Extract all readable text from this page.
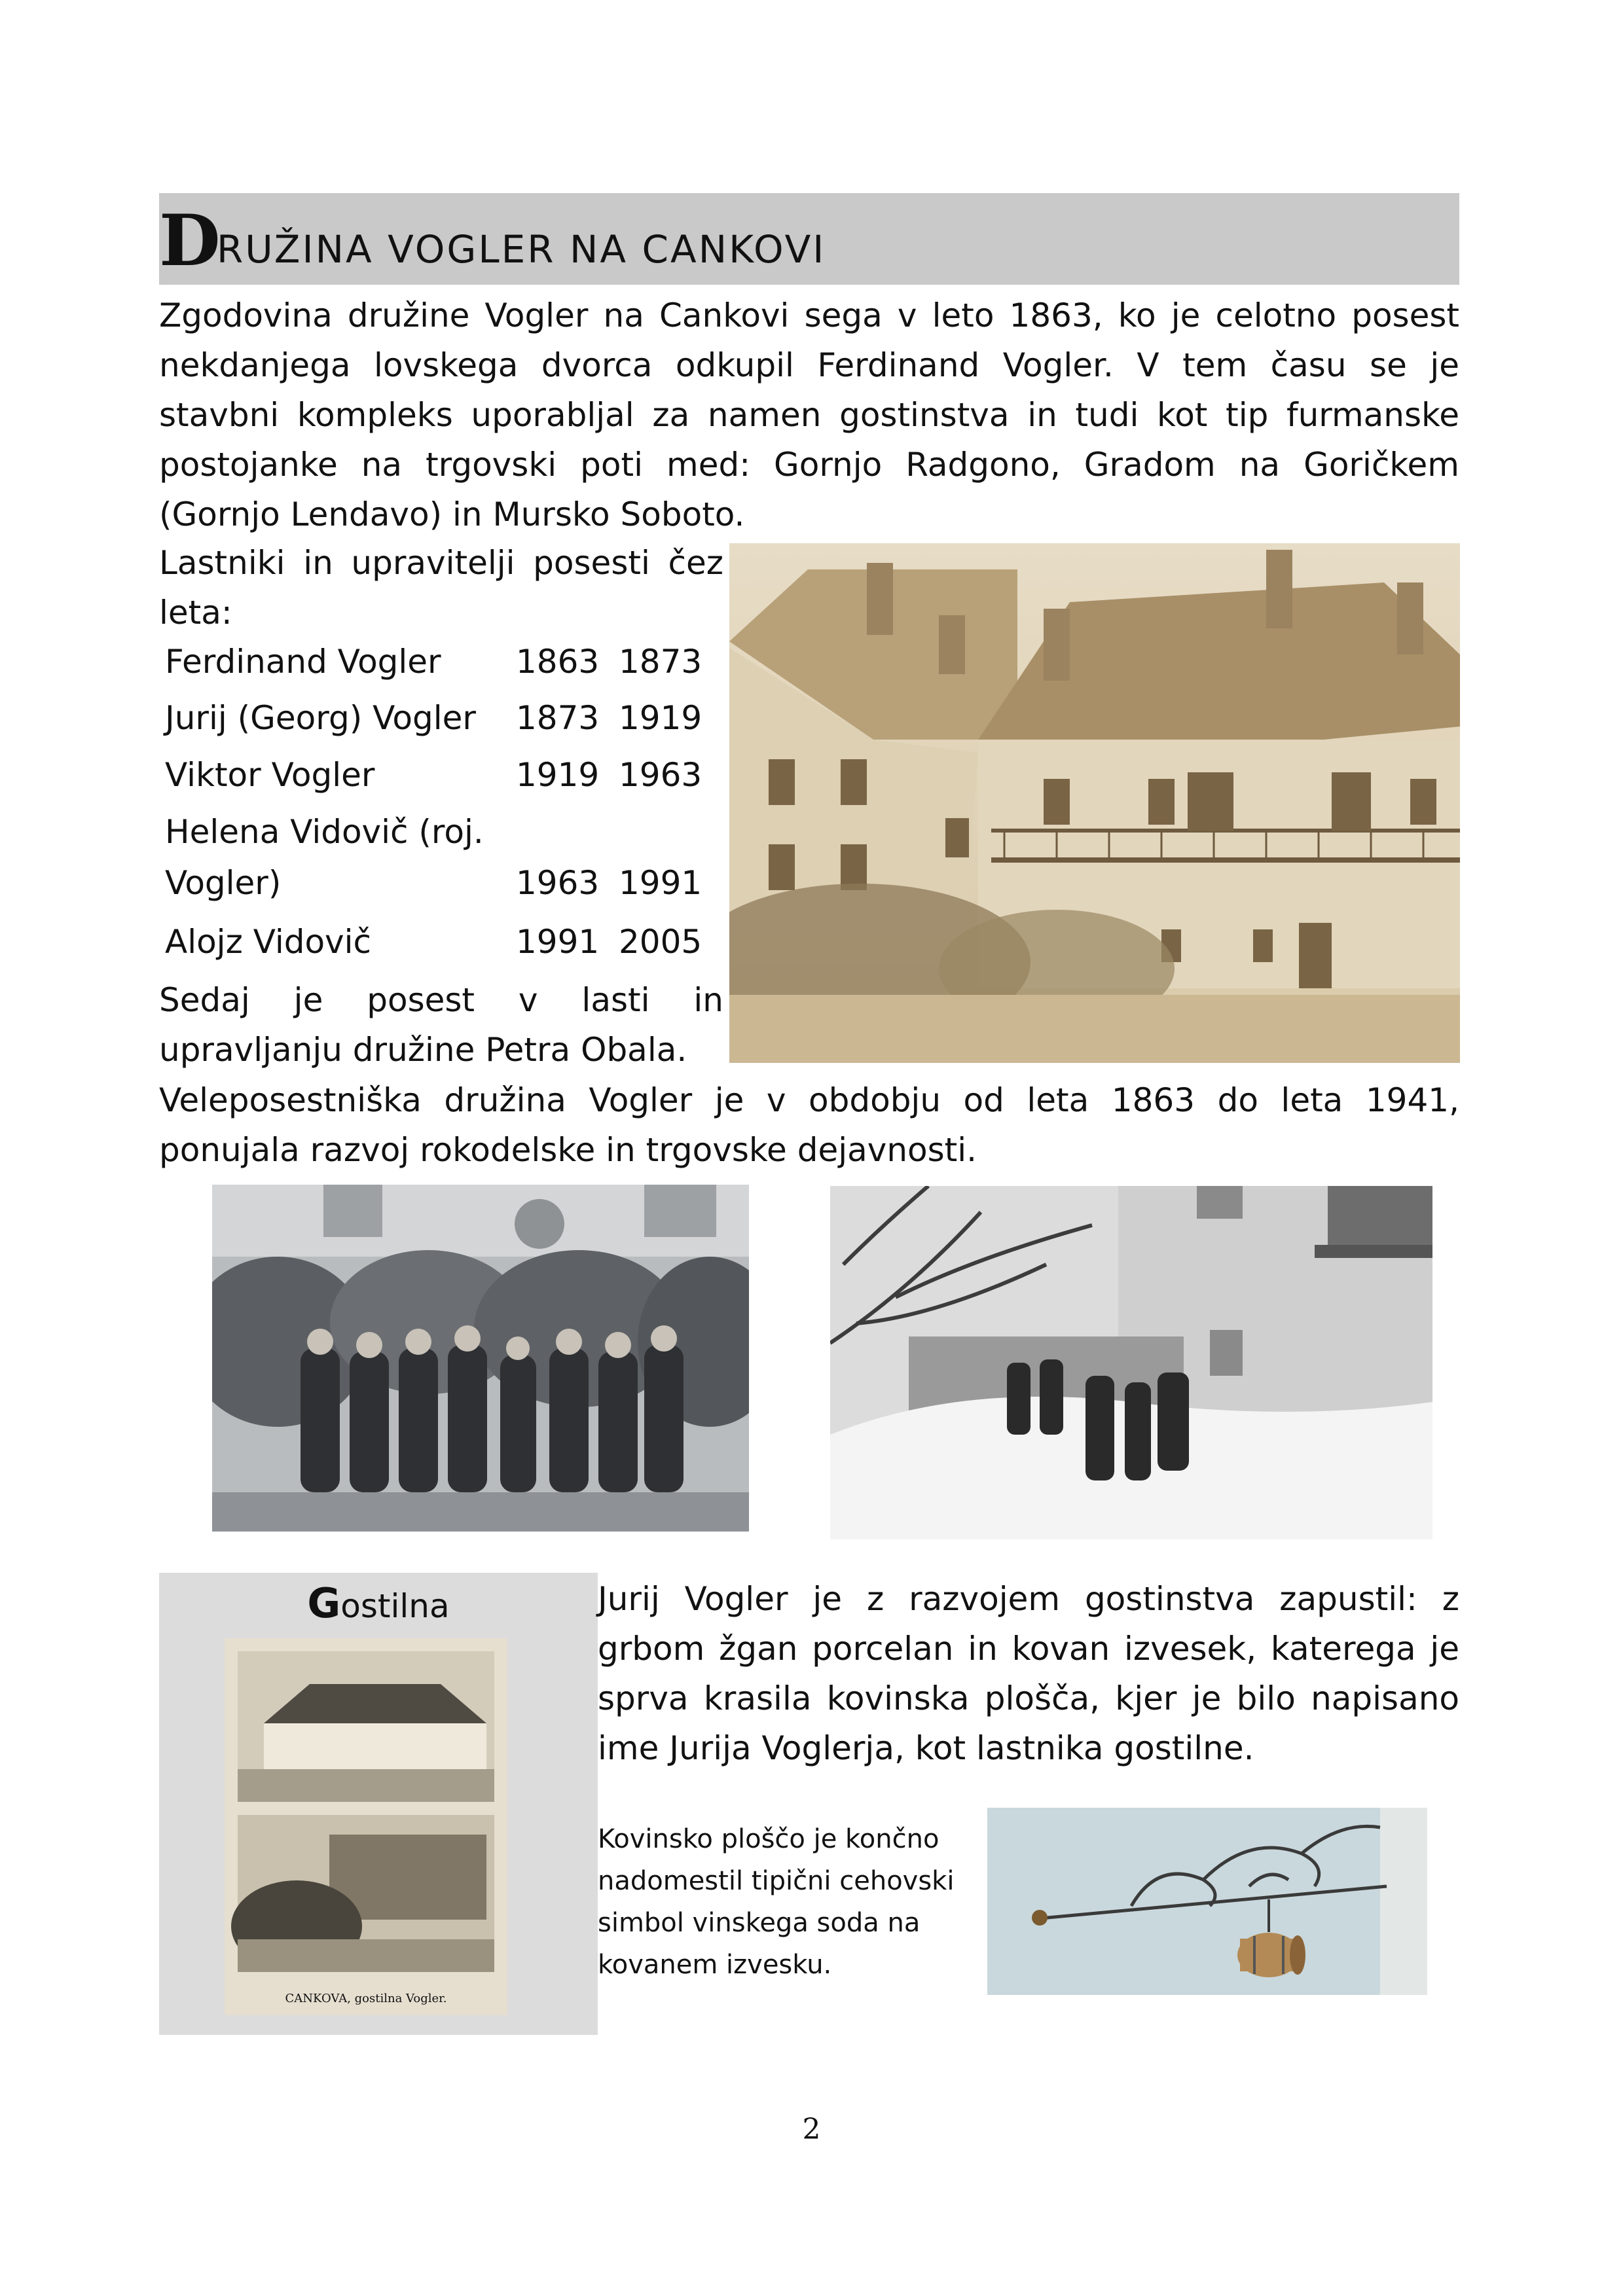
D
RUŽINA VOGLER NA CANKOVI
Zgodovina družine Vogler na Cankovi sega v leto 1863, ko je celotno posest
nekdanjega lovskega dvorca odkupil Ferdinand Vogler. V tem času se je
stavbni kompleks uporabljal za namen gostinstva in tudi kot tip furmanske
postojanke na trgovski poti med: Gornjo Radgono, Gradom na Goričkem
(Gornjo Lendavo) in Mursko Soboto.
Lastniki in upravitelji posesti čez
leta:
Ferdinand Vogler 1863 1873
Jurij (Georg) Vogler 1873 1919
Viktor Vogler	1919 1963
Helena Vidovič (roj.
Vogler)	1963 1991
Alojz Vidovič	1991 2005
Sedaj je posest v lasti in
upravljanju družine Petra Obala.
Veleposestniška družina Vogler je v obdobju od leta 1863 do leta 1941,
ponujala razvoj rokodelske in trgovske dejavnosti.
Gostilna
CANKOVA, gostilna Vogler.
Jurij Vogler je z razvojem gostinstva zapustil: z
grbom žgan porcelan in kovan izvesek, katerega je
sprva krasila kovinska plošča, kjer je bilo napisano
ime Jurija Voglerja, kot lastnika gostilne.
Kovinsko ploščo je končno
nadomestil tipični cehovski
simbol vinskega soda na
kovanem izvesku.
2
